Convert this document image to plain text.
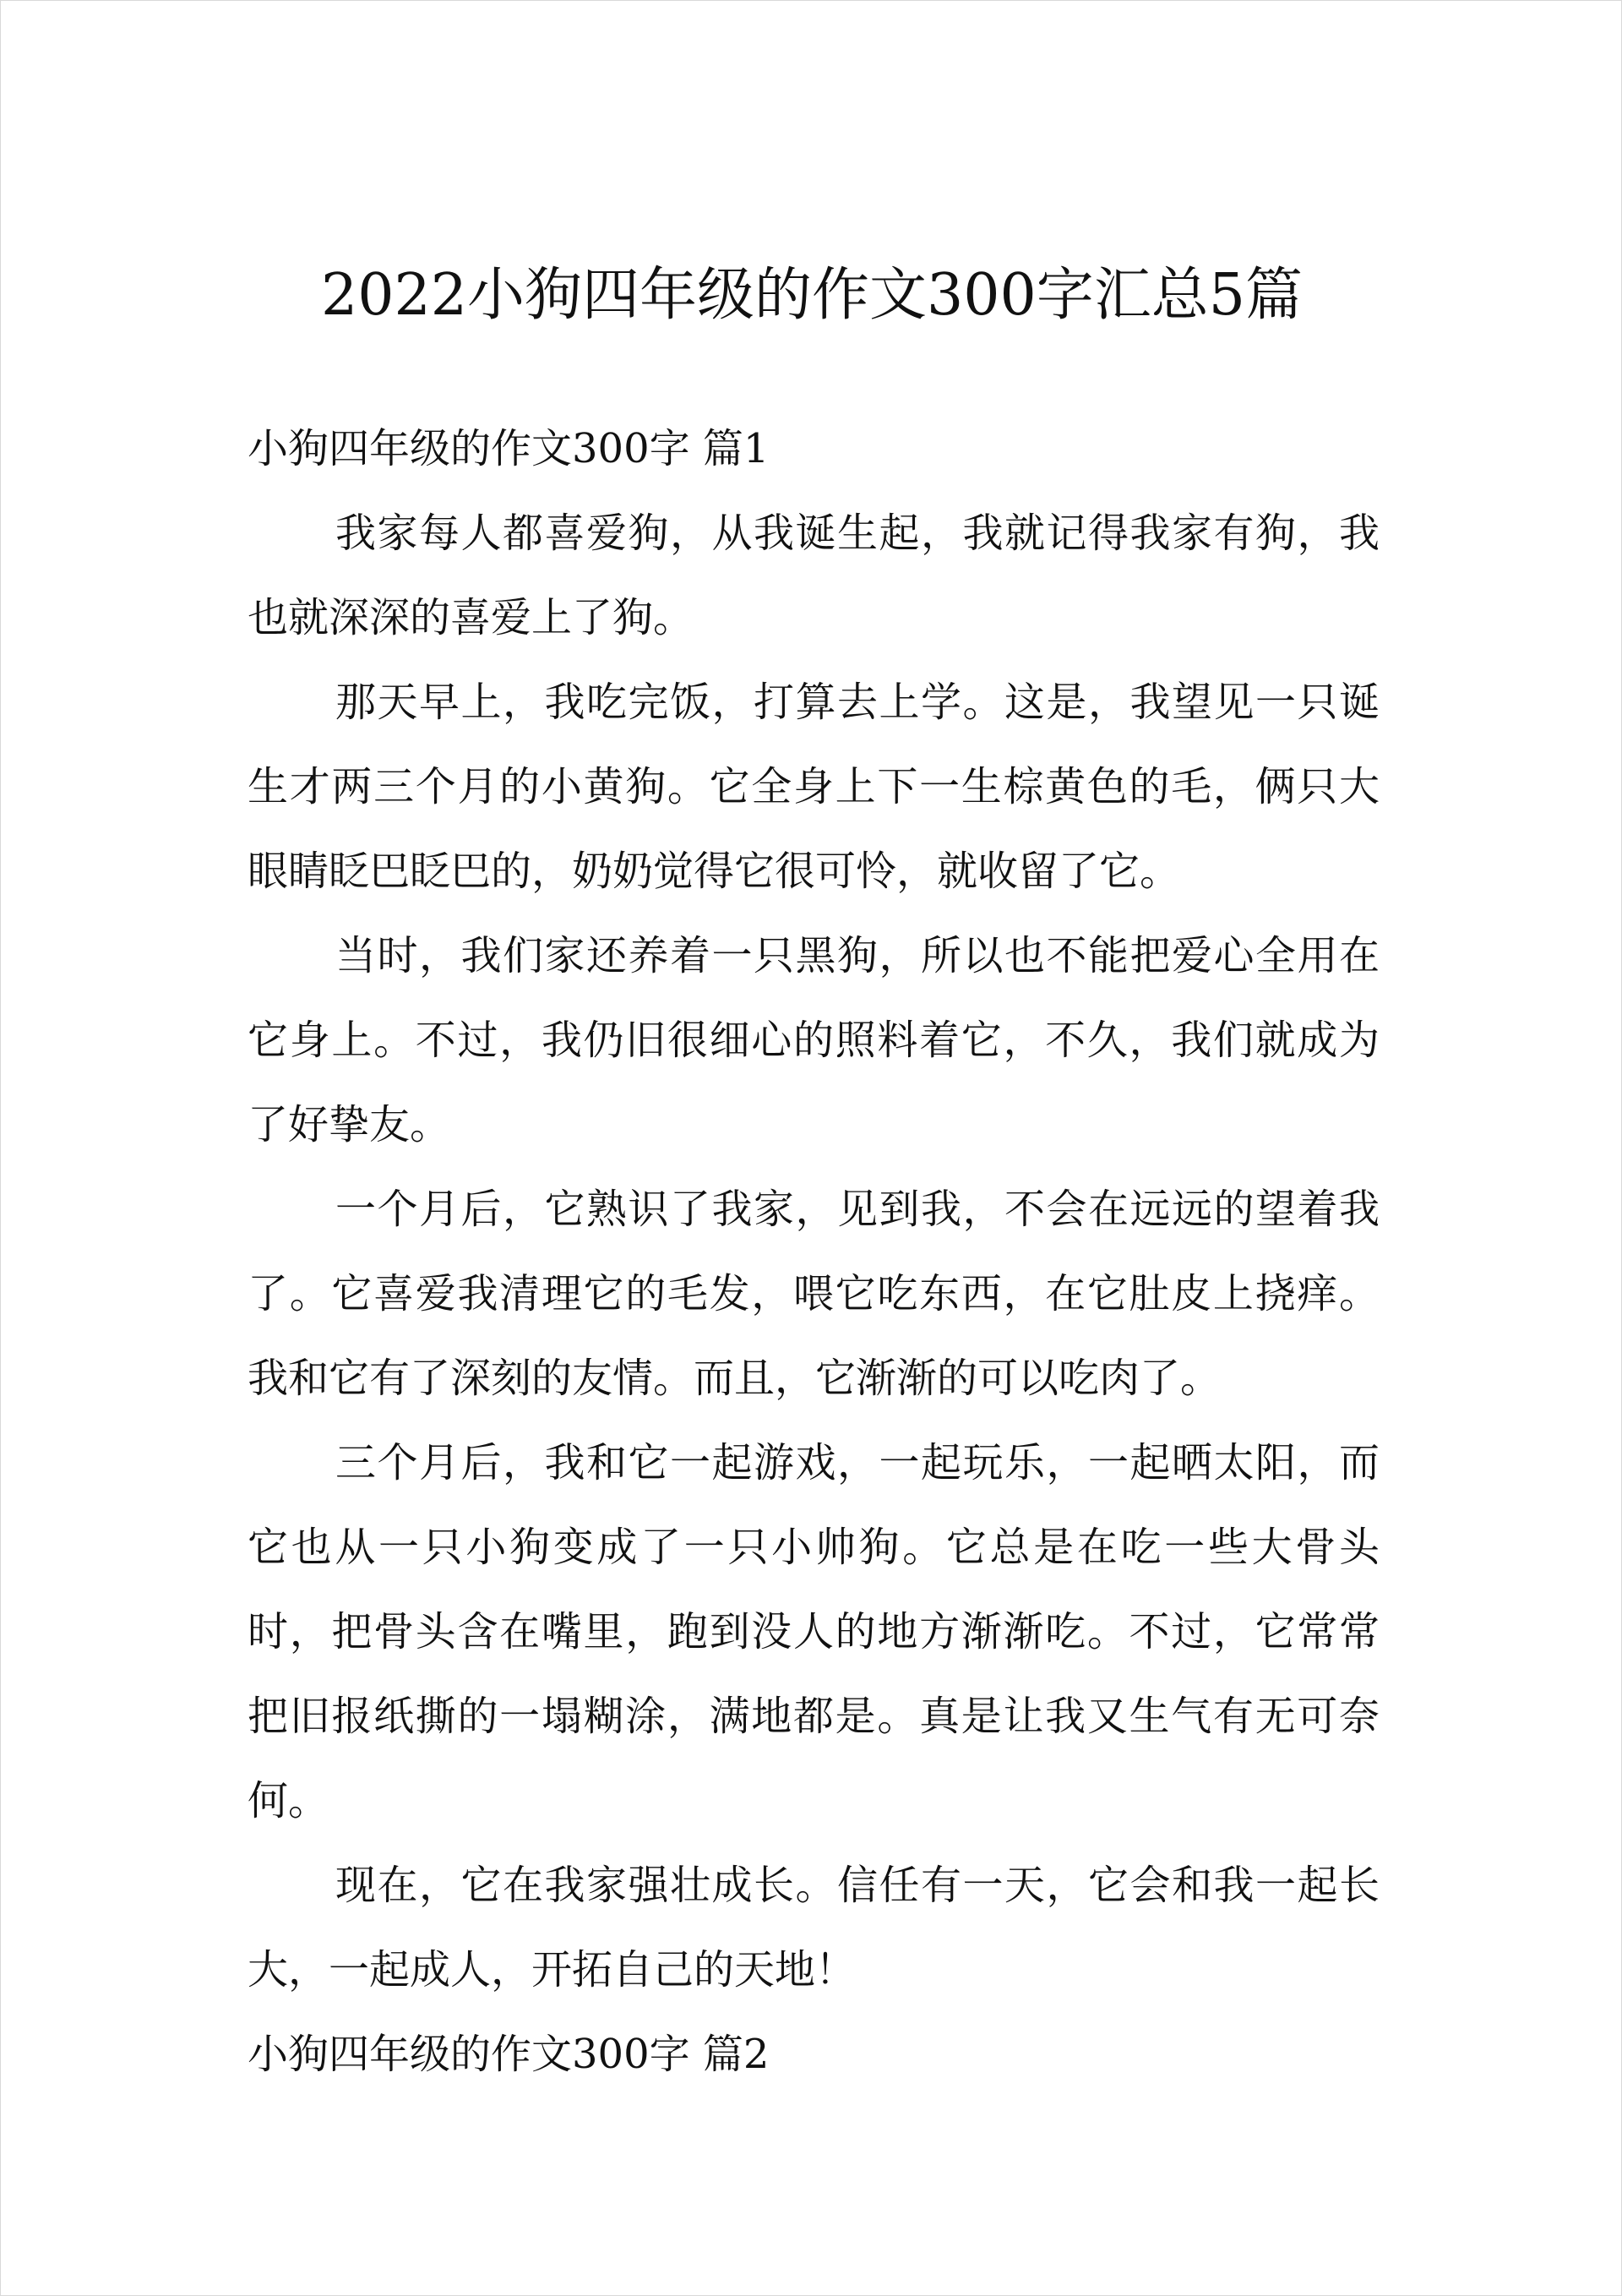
2022小狗四年级的作文300字汇总5篇
小狗四年级的作文300字 篇1

我家每人都喜爱狗，从我诞生起，我就记得我家有狗，我也就深深的喜爱上了狗。

那天早上，我吃完饭，打算去上学。这是，我望见一只诞生才两三个月的小黄狗。它全身上下一生棕黄色的毛，俩只大眼睛眨巴眨巴的，奶奶觉得它很可怜，就收留了它。

当时，我们家还养着一只黑狗，所以也不能把爱心全用在它身上。不过，我仍旧很细心的照料着它，不久，我们就成为了好挚友。

一个月后，它熟识了我家，见到我，不会在远远的望着我了。它喜爱我清理它的毛发，喂它吃东西，在它肚皮上挠痒。我和它有了深刻的友情。而且，它渐渐的可以吃肉了。

三个月后，我和它一起游戏，一起玩乐，一起晒太阳，而它也从一只小狗变成了一只小帅狗。它总是在吃一些大骨头时，把骨头含在嘴里，跑到没人的地方渐渐吃。不过，它常常把旧报纸撕的一塌糊涂，满地都是。真是让我又生气有无可奈何。

现在，它在我家强壮成长。信任有一天，它会和我一起长大，一起成人，开拓自己的天地！

小狗四年级的作文300字 篇2
